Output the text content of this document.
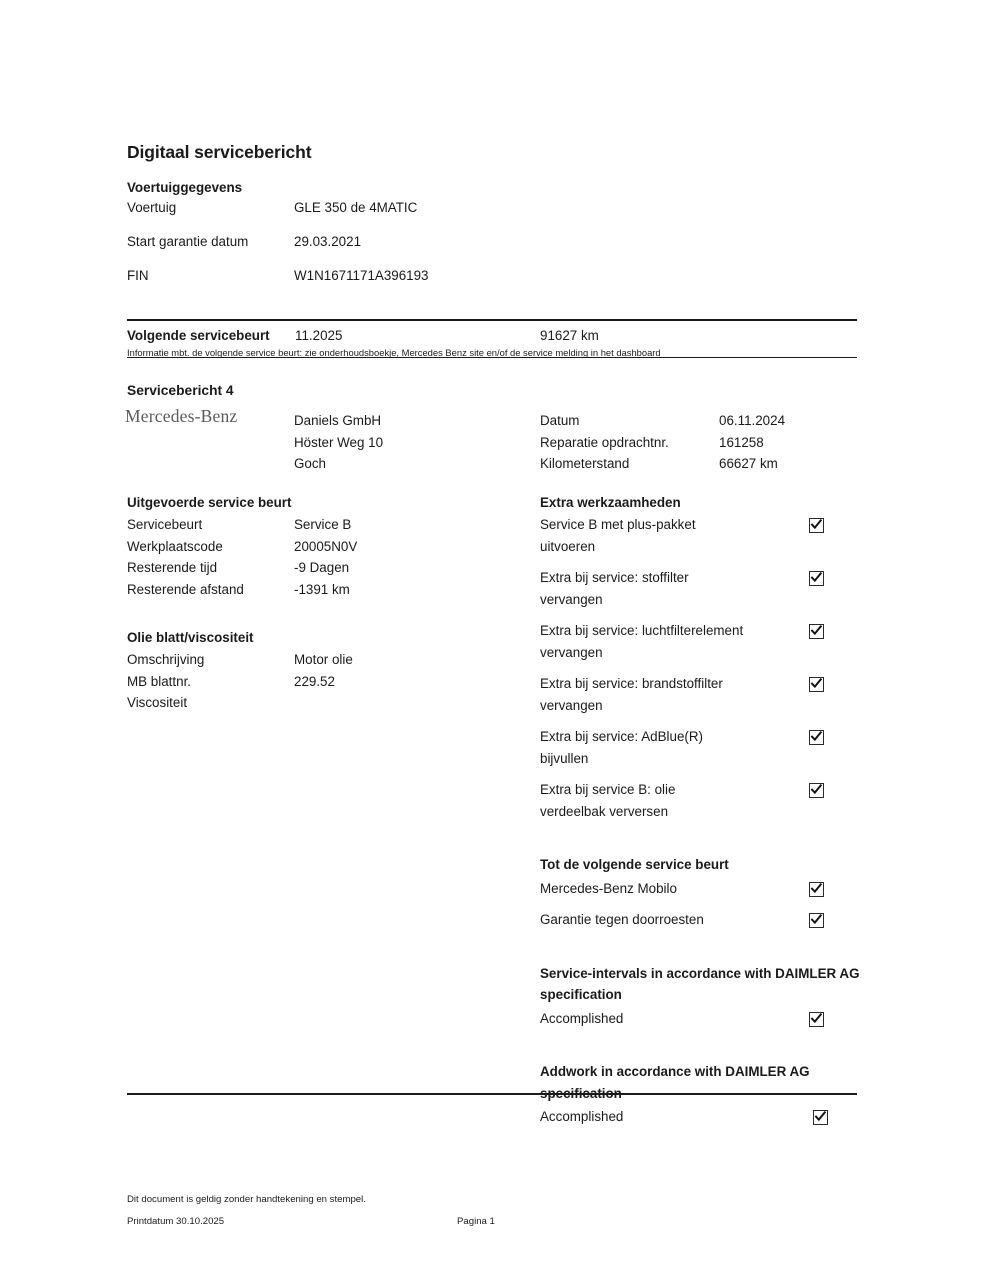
Digitaal servicebericht
Voertuiggegevens
Voertuig	GLE 350 de 4MATIC
Start garantie datum	29.03.2021
FIN	W1N1671171A396193
Volgende servicebeurt 11.2025	91627 km
Informatie mbt. de volgende service beurt: zie onderhoudsboekje, Mercedes Benz site en/of de service melding in het dashboard
Servicebericht 4
Mercedes-Benz	Daniels GmbH
Höster Weg 10
Goch
Datum	06.11.2024
Reparatie opdrachtnr.	161258
Kilometerstand	66627 km
Uitgevoerde service beurt
Servicebeurt	Service B
Werkplaatscode	20005N0V
Resterende tijd	-9 Dagen
Resterende afstand	-1391 km
Olie blatt/viscositeit
Omschrijving	Motor olie
MB blattnr.	229.52
Viscositeit
Extra werkzaamheden
Service B met plus-pakket uitvoeren
Extra bij service: stoffilter vervangen
Extra bij service: luchtfilterelement vervangen
Extra bij service: brandstoffilter vervangen
Extra bij service: AdBlue(R) bijvullen
Extra bij service B: olie verdeelbak verversen
Tot de volgende service beurt
Mercedes-Benz Mobilo
Garantie tegen doorroesten
Service-intervals in accordance with DAIMLER AG specification
Accomplished
Addwork in accordance with DAIMLER AG specification
Accomplished
Dit document is geldig zonder handtekening en stempel.
Printdatum 30.10.2025	Pagina 1
